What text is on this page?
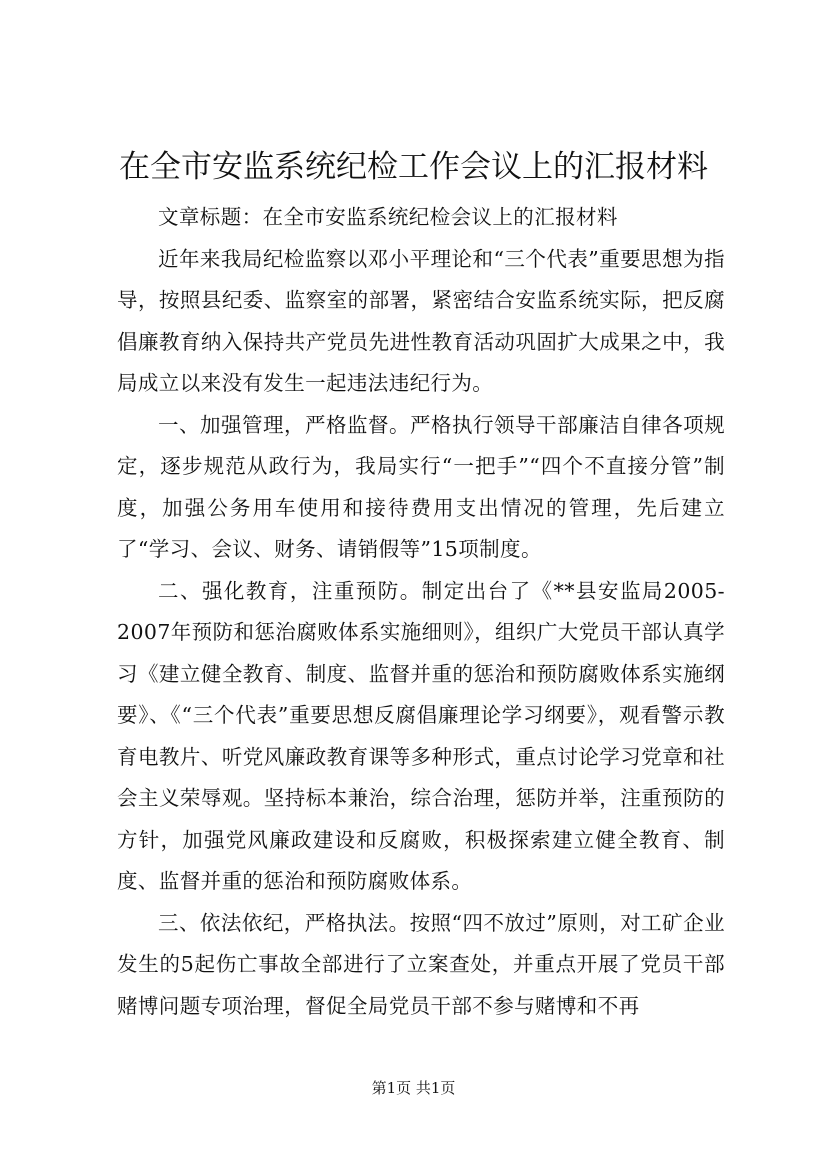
在全市安监系统纪检工作会议上的汇报材料

文章标题：在全市安监系统纪检会议上的汇报材料

近年来我局纪检监察以邓小平理论和“三个代表”重要思想为指导，按照县纪委、监察室的部署，紧密结合安监系统实际，把反腐倡廉教育纳入保持共产党员先进性教育活动巩固扩大成果之中，我局成立以来没有发生一起违法违纪行为。

一、加强管理，严格监督。严格执行领导干部廉洁自律各项规定，逐步规范从政行为，我局实行“一把手”“四个不直接分管”制度，加强公务用车使用和接待费用支出情况的管理，先后建立了“学习、会议、财务、请销假等”15项制度。

二、强化教育，注重预防。制定出台了《**县安监局2005-2007年预防和惩治腐败体系实施细则》，组织广大党员干部认真学习《建立健全教育、制度、监督并重的惩治和预防腐败体系实施纲要》、《“三个代表”重要思想反腐倡廉理论学习纲要》，观看警示教育电教片、听党风廉政教育课等多种形式，重点讨论学习党章和社会主义荣辱观。坚持标本兼治，综合治理，惩防并举，注重预防的方针，加强党风廉政建设和反腐败，积极探索建立健全教育、制度、监督并重的惩治和预防腐败体系。

三、依法依纪，严格执法。按照“四不放过”原则，对工矿企业发生的5起伤亡事故全部进行了立案查处，并重点开展了党员干部赌博问题专项治理，督促全局党员干部不参与赌博和不再

第1页 共1页
